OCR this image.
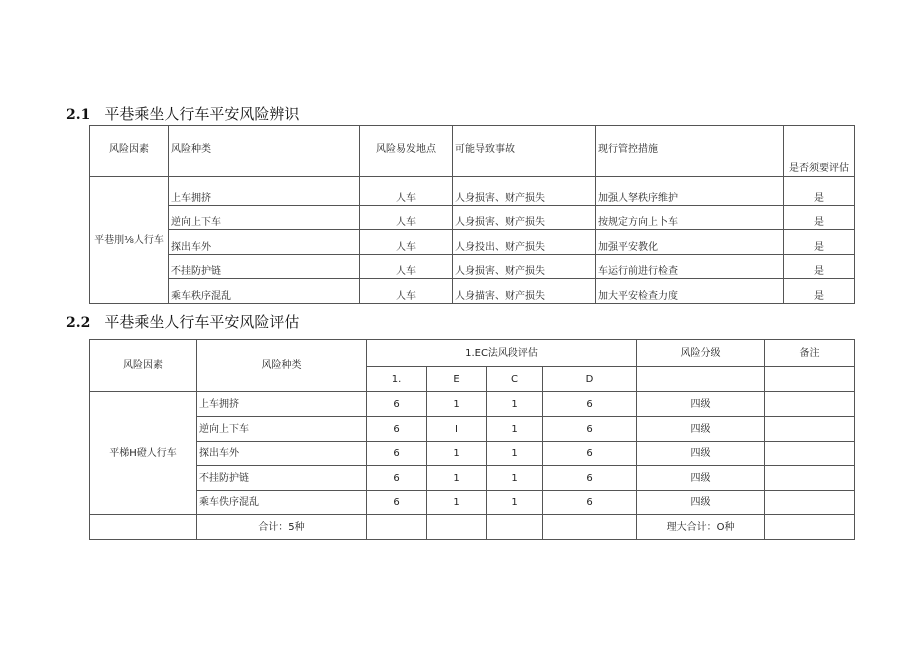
2.1 平巷乘坐人行车平安风险辨识
风险因素	风险种类	风险易发地点	可能导致事故	现行管控措施	是否须要评估
平巷刖⅛人行车	上车拥挤	人车	人身损害、财产损失	加强人孥秩序维护	是
	逆向上下车	人车	人身损害、财产损失	按规定方向上卜车	是
	探出车外	人车	人身投出、财产损失	加强平安教化	是
	不挂防护链	人车	人身损害、财产损失	车运行前进行检查	是
	乘车秩序混乱	人车	人身描害、财产损失	加大平安检查力度	是
2.2 平巷乘坐人行车平安风险评估
风险因素	风险种类	1.EC法风段评估				风险分级	备注
		1.	E	C	D		
平梯H磴人行车	上车拥挤	6	1	1	6	四级	
	逆向上下车	6	I	1	6	四级	
	探出车外	6	1	1	6	四级	
	不挂防护链	6	1	1	6	四级	
	乘车佚序混乱	6	1	1	6	四级	
	合计：5种					理大合计：O种	
